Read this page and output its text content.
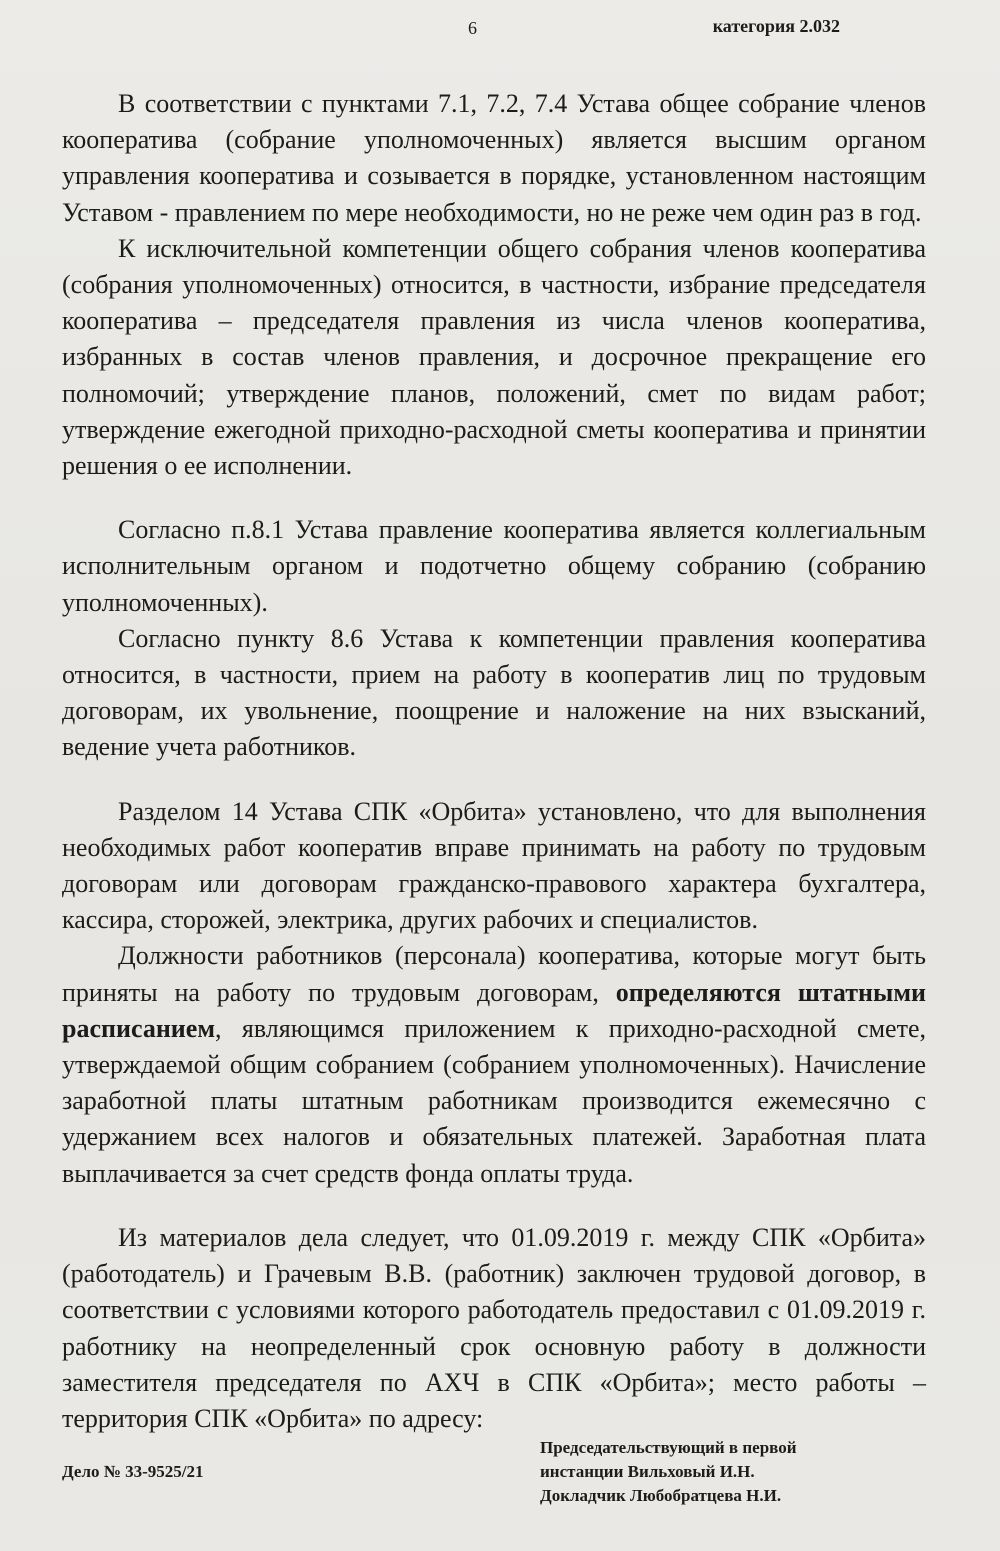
6	категория 2.032

В соответствии с пунктами 7.1, 7.2, 7.4 Устава общее собрание членов кооператива (собрание уполномоченных) является высшим органом управления кооператива и созывается в порядке, установленном настоящим Уставом - правлением по мере необходимости, но не реже чем один раз в год.

К исключительной компетенции общего собрания членов кооператива (собрания уполномоченных) относится, в частности, избрание председателя кооператива – председателя правления из числа членов кооператива, избранных в состав членов правления, и досрочное прекращение его полномочий; утверждение планов, положений, смет по видам работ; утверждение ежегодной приходно-расходной сметы кооператива и принятии решения о ее исполнении.

Согласно п.8.1 Устава правление кооператива является коллегиальным исполнительным органом и подотчетно общему собранию (собранию уполномоченных).

Согласно пункту 8.6 Устава к компетенции правления кооператива относится, в частности, прием на работу в кооператив лиц по трудовым договорам, их увольнение, поощрение и наложение на них взысканий, ведение учета работников.

Разделом 14 Устава СПК «Орбита» установлено, что для выполнения необходимых работ кооператив вправе принимать на работу по трудовым договорам или договорам гражданско-правового характера бухгалтера, кассира, сторожей, электрика, других рабочих и специалистов.

Должности работников (персонала) кооператива, которые могут быть приняты на работу по трудовым договорам, определяются штатными расписанием, являющимся приложением к приходно-расходной смете, утверждаемой общим собранием (собранием уполномоченных). Начисление заработной платы штатным работникам производится ежемесячно с удержанием всех налогов и обязательных платежей. Заработная плата выплачивается за счет средств фонда оплаты труда.

Из материалов дела следует, что 01.09.2019 г. между СПК «Орбита» (работодатель) и Грачевым В.В. (работник) заключен трудовой договор, в соответствии с условиями которого работодатель предоставил с 01.09.2019 г. работнику на неопределенный срок основную работу в должности заместителя председателя по АХЧ в СПК «Орбита»; место работы – территория СПК «Орбита» по адресу:

Дело № 33-9525/21
Председательствующий в первой
инстанции Вильховый И.Н.
Докладчик Любобратцева Н.И.
